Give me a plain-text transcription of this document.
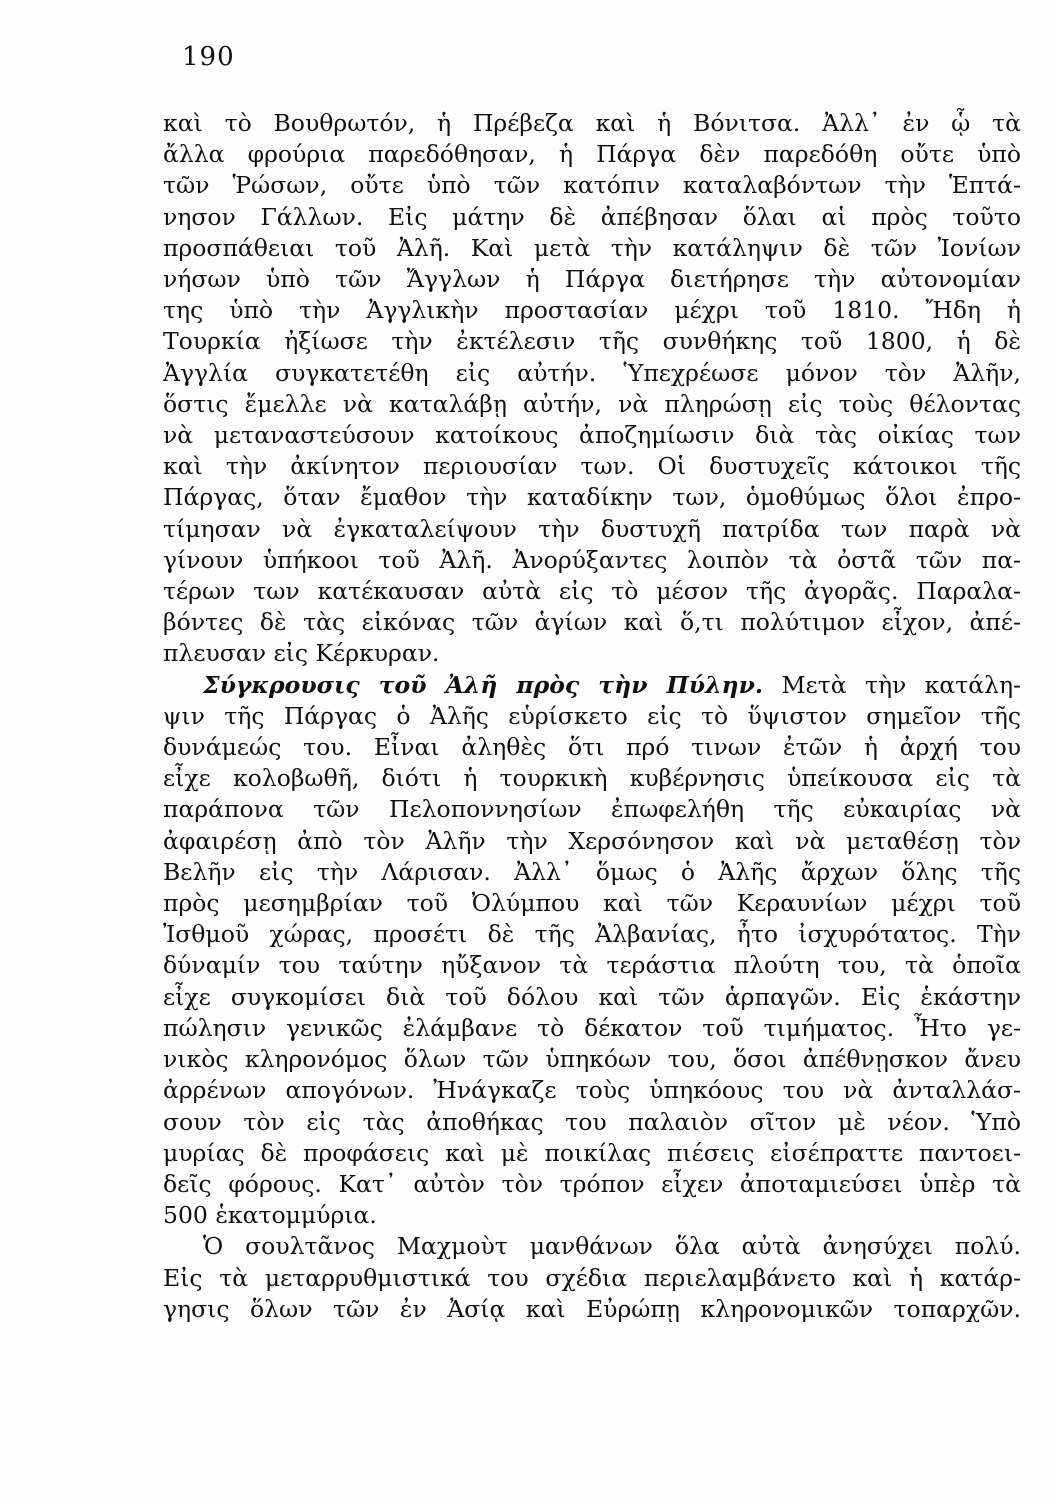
190
καὶ τὸ Βουθρωτόν, ἡ Πρέβεζα καὶ ἡ Βόνιτσα. Ἀλλ᾿ ἐν ᾧ τὰ
ἄλλα φρούρια παρεδόθησαν, ἡ Πάργα δὲν παρεδόθη οὔτε ὑπὸ
τῶν Ῥώσων, οὔτε ὑπὸ τῶν κατόπιν καταλαβόντων τὴν Ἑπτά-
νησον Γάλλων. Εἰς μάτην δὲ ἀπέβησαν ὅλαι αἱ πρὸς τοῦτο
προσπάθειαι τοῦ Ἀλῆ. Καὶ μετὰ τὴν κατάληψιν δὲ τῶν Ἰονίων
νήσων ὑπὸ τῶν Ἄγγλων ἡ Πάργα διετήρησε τὴν αὐτονομίαν
της ὑπὸ τὴν Ἀγγλικὴν προστασίαν μέχρι τοῦ 1810. Ἤδη ἡ
Τουρκία ἠξίωσε τὴν ἐκτέλεσιν τῆς συνθήκης τοῦ 1800, ἡ δὲ
Ἀγγλία συγκατετέθη εἰς αὐτήν. Ὑπεχρέωσε μόνον τὸν Ἀλῆν,
ὅστις ἔμελλε νὰ καταλάβῃ αὐτήν, νὰ πληρώσῃ εἰς τοὺς θέλοντας
νὰ μεταναστεύσουν κατοίκους ἀποζημίωσιν διὰ τὰς οἰκίας των
καὶ τὴν ἀκίνητον περιουσίαν των. Οἱ δυστυχεῖς κάτοικοι τῆς
Πάργας, ὅταν ἔμαθον τὴν καταδίκην των, ὁμοθύμως ὅλοι ἐπρο-
τίμησαν νὰ ἐγκαταλείψουν τὴν δυστυχῆ πατρίδα των παρὰ νὰ
γίνουν ὑπήκοοι τοῦ Ἀλῆ. Ἀνορύξαντες λοιπὸν τὰ ὀστᾶ τῶν πα-
τέρων των κατέκαυσαν αὐτὰ εἰς τὸ μέσον τῆς ἀγορᾶς. Παραλα-
βόντες δὲ τὰς εἰκόνας τῶν ἁγίων καὶ ὅ,τι πολύτιμον εἶχον, ἀπέ-
πλευσαν εἰς Κέρκυραν.
Σύγκρουσις τοῦ Ἀλῆ πρὸς τὴν Πύλην. Μετὰ τὴν κατάλη-
ψιν τῆς Πάργας ὁ Ἀλῆς εὑρίσκετο εἰς τὸ ὕψιστον σημεῖον τῆς
δυνάμεώς του. Εἶναι ἀληθὲς ὅτι πρό τινων ἐτῶν ἡ ἀρχή του
εἶχε κολοβωθῆ, διότι ἡ τουρκικὴ κυβέρνησις ὑπείκουσα εἰς τὰ
παράπονα τῶν Πελοποννησίων ἐπωφελήθη τῆς εὐκαιρίας νὰ
ἀφαιρέσῃ ἀπὸ τὸν Ἀλῆν τὴν Χερσόνησον καὶ νὰ μεταθέσῃ τὸν
Βελῆν εἰς τὴν Λάρισαν. Ἀλλ᾿ ὅμως ὁ Ἀλῆς ἄρχων ὅλης τῆς
πρὸς μεσημβρίαν τοῦ Ὀλύμπου καὶ τῶν Κεραυνίων μέχρι τοῦ
Ἰσθμοῦ χώρας, προσέτι δὲ τῆς Ἀλβανίας, ἦτο ἰσχυρότατος. Τὴν
δύναμίν του ταύτην ηὔξανον τὰ τεράστια πλούτη του, τὰ ὁποῖα
εἶχε συγκομίσει διὰ τοῦ δόλου καὶ τῶν ἁρπαγῶν. Εἰς ἑκάστην
πώλησιν γενικῶς ἐλάμβανε τὸ δέκατον τοῦ τιμήματος. Ἦτο γε-
νικὸς κληρονόμος ὅλων τῶν ὑπηκόων του, ὅσοι ἀπέθνῃσκον ἄνευ
ἀρρένων απογόνων. Ἠνάγκαζε τοὺς ὑπηκόους του νὰ ἀνταλλάσ-
σουν τὸν εἰς τὰς ἀποθήκας του παλαιὸν σῖτον μὲ νέον. Ὑπὸ
μυρίας δὲ προφάσεις καὶ μὲ ποικίλας πιέσεις εἰσέπραττε παντοει-
δεῖς φόρους. Κατ᾿ αὐτὸν τὸν τρόπον εἶχεν ἀποταμιεύσει ὑπὲρ τὰ
500 ἑκατομμύρια.
Ὁ σουλτᾶνος Μαχμοὺτ μανθάνων ὅλα αὐτὰ ἀνησύχει πολύ.
Εἰς τὰ μεταρρυθμιστικά του σχέδια περιελαμβάνετο καὶ ἡ κατάρ-
γησις ὅλων τῶν ἐν Ἀσίᾳ καὶ Εὐρώπῃ κληρονομικῶν τοπαρχῶν.
